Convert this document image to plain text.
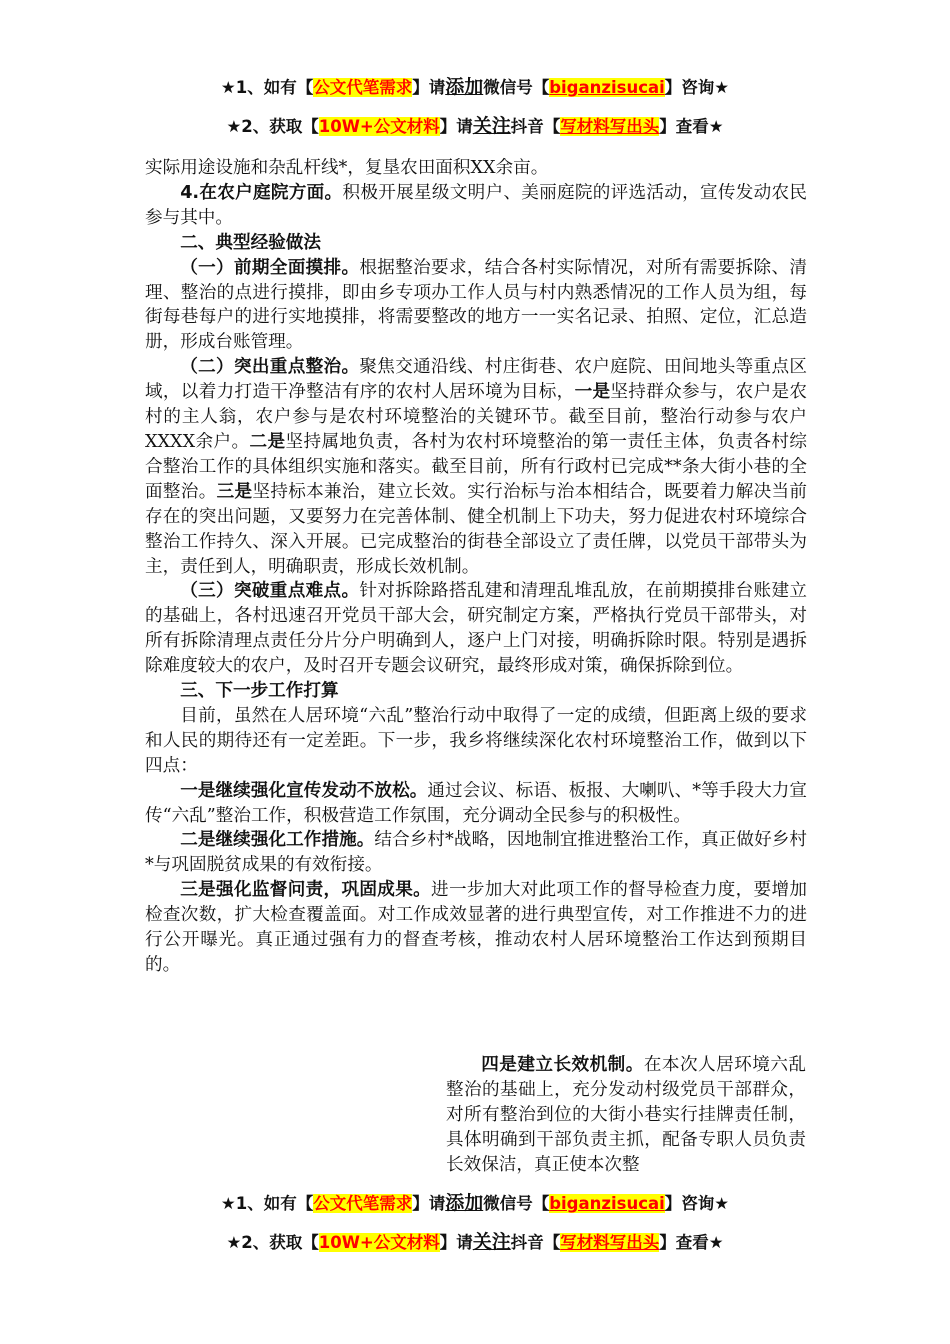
★1、如有【公文代笔需求】请添加微信号【biganzisucai】咨询★
★2、获取【10W+公文材料】请关注抖音【写材料写出头】查看★

实际用途设施和杂乱杆线*，复垦农田面积XX余亩。

4.在农户庭院方面。积极开展星级文明户、美丽庭院的评选活动，宣传发动农民参与其中。

二、典型经验做法

（一）前期全面摸排。根据整治要求，结合各村实际情况，对所有需要拆除、清理、整治的点进行摸排，即由乡专项办工作人员与村内熟悉情况的工作人员为组，每街每巷每户的进行实地摸排，将需要整改的地方一一实名记录、拍照、定位，汇总造册，形成台账管理。

（二）突出重点整治。聚焦交通沿线、村庄街巷、农户庭院、田间地头等重点区域，以着力打造干净整洁有序的农村人居环境为目标，一是坚持群众参与，农户是农村的主人翁，农户参与是农村环境整治的关键环节。截至目前，整治行动参与农户XXXX余户。二是坚持属地负责，各村为农村环境整治的第一责任主体，负责各村综合整治工作的具体组织实施和落实。截至目前，所有行政村已完成**条大街小巷的全面整治。三是坚持标本兼治，建立长效。实行治标与治本相结合，既要着力解决当前存在的突出问题，又要努力在完善体制、健全机制上下功夫，努力促进农村环境综合整治工作持久、深入开展。已完成整治的街巷全部设立了责任牌，以党员干部带头为主，责任到人，明确职责，形成长效机制。

（三）突破重点难点。针对拆除路搭乱建和清理乱堆乱放，在前期摸排台账建立的基础上，各村迅速召开党员干部大会，研究制定方案，严格执行党员干部带头，对所有拆除清理点责任分片分户明确到人，逐户上门对接，明确拆除时限。特别是遇拆除难度较大的农户，及时召开专题会议研究，最终形成对策，确保拆除到位。

三、下一步工作打算

目前，虽然在人居环境“六乱”整治行动中取得了一定的成绩，但距离上级的要求和人民的期待还有一定差距。下一步，我乡将继续深化农村环境整治工作，做到以下四点：

一是继续强化宣传发动不放松。通过会议、标语、板报、大喇叭、*等手段大力宣传“六乱”整治工作，积极营造工作氛围，充分调动全民参与的积极性。

二是继续强化工作措施。结合乡村*战略，因地制宜推进整治工作，真正做好乡村*与巩固脱贫成果的有效衔接。

三是强化监督问责，巩固成果。进一步加大对此项工作的督导检查力度，要增加检查次数，扩大检查覆盖面。对工作成效显著的进行典型宣传，对工作推进不力的进行公开曝光。真正通过强有力的督查考核，推动农村人居环境整治工作达到预期目的。

四是建立长效机制。在本次人居环境六乱整治的基础上，充分发动村级党员干部群众，对所有整治到位的大街小巷实行挂牌责任制，具体明确到干部负责主抓，配备专职人员负责长效保洁，真正使本次整

★1、如有【公文代笔需求】请添加微信号【biganzisucai】咨询★
★2、获取【10W+公文材料】请关注抖音【写材料写出头】查看★
